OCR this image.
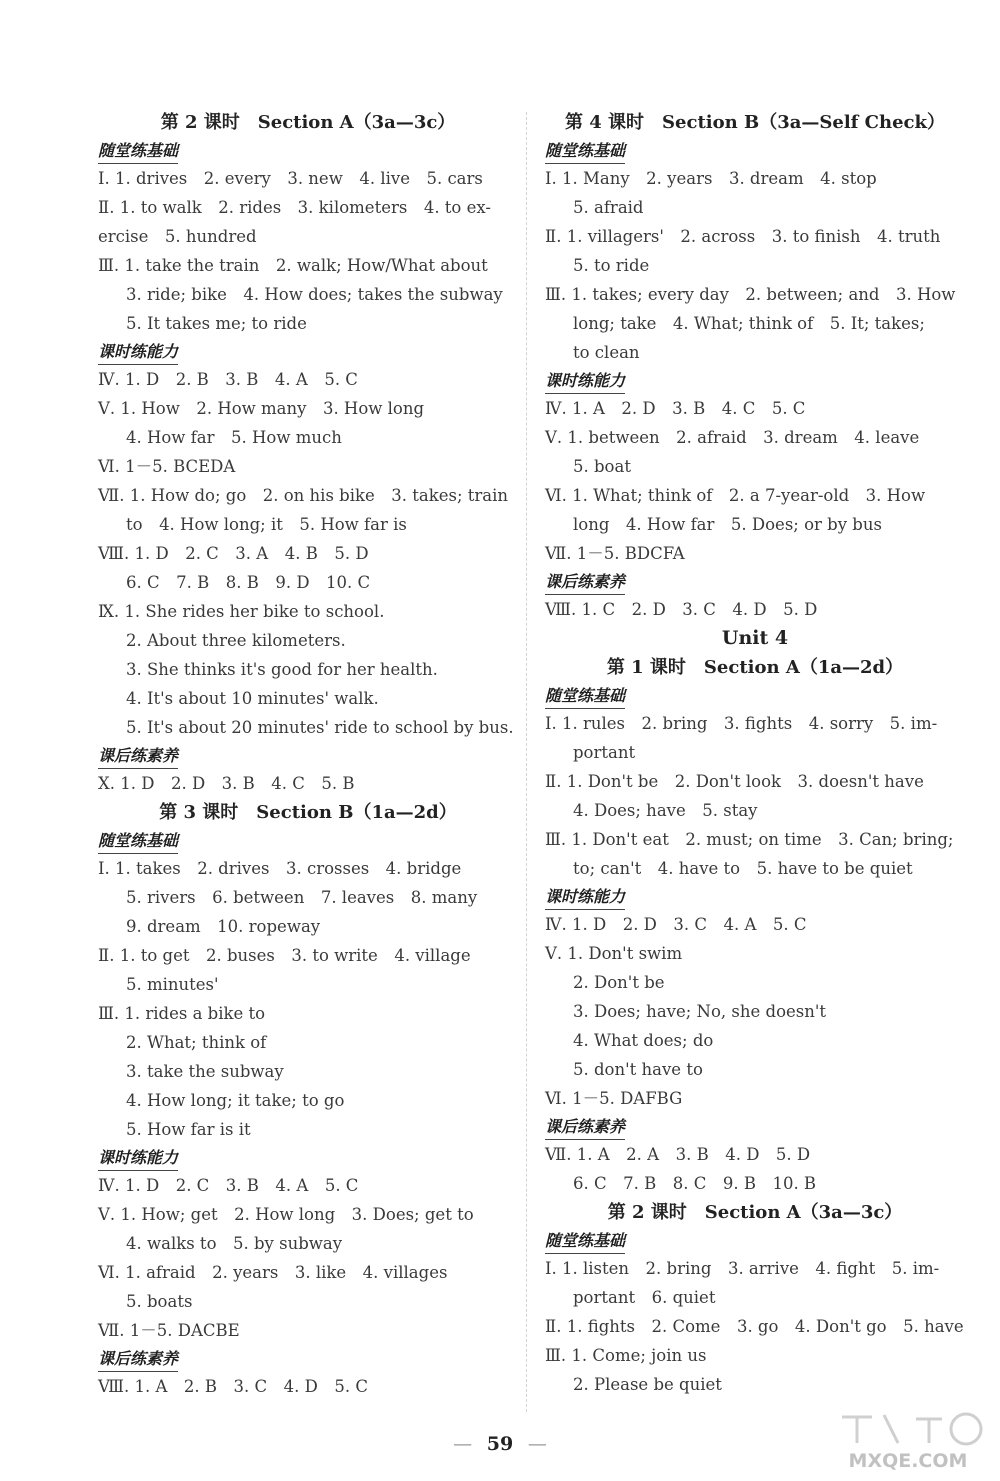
第 2 课时　Section A（3a—3c）
随堂练基础
Ⅰ. 1. drives　2. every　3. new　4. live　5. cars
Ⅱ. 1. to walk　2. rides　3. kilometers　4. to ex-
ercise　5. hundred
Ⅲ. 1. take the train　2. walk; How/What about
3. ride; bike　4. How does; takes the subway
5. It takes me; to ride
课时练能力
Ⅳ. 1. D　2. B　3. B　4. A　5. C
Ⅴ. 1. How　2. How many　3. How long
4. How far　5. How much
Ⅵ. 1－5. BCEDA
Ⅶ. 1. How do; go　2. on his bike　3. takes; train
to　4. How long; it　5. How far is
Ⅷ. 1. D　2. C　3. A　4. B　5. D
6. C　7. B　8. B　9. D　10. C
Ⅸ. 1. She rides her bike to school.
2. About three kilometers.
3. She thinks it's good for her health.
4. It's about 10 minutes' walk.
5. It's about 20 minutes' ride to school by bus.
课后练素养
Ⅹ. 1. D　2. D　3. B　4. C　5. B
第 3 课时　Section B（1a—2d）
随堂练基础
Ⅰ. 1. takes　2. drives　3. crosses　4. bridge
5. rivers　6. between　7. leaves　8. many
9. dream　10. ropeway
Ⅱ. 1. to get　2. buses　3. to write　4. village
5. minutes'
Ⅲ. 1. rides a bike to
2. What; think of
3. take the subway
4. How long; it take; to go
5. How far is it
课时练能力
Ⅳ. 1. D　2. C　3. B　4. A　5. C
Ⅴ. 1. How; get　2. How long　3. Does; get to
4. walks to　5. by subway
Ⅵ. 1. afraid　2. years　3. like　4. villages
5. boats
Ⅶ. 1－5. DACBE
课后练素养
Ⅷ. 1. A　2. B　3. C　4. D　5. C
第 4 课时　Section B（3a—Self Check）
随堂练基础
Ⅰ. 1. Many　2. years　3. dream　4. stop
5. afraid
Ⅱ. 1. villagers'　2. across　3. to finish　4. truth
5. to ride
Ⅲ. 1. takes; every day　2. between; and　3. How
long; take　4. What; think of　5. It; takes;
to clean
课时练能力
Ⅳ. 1. A　2. D　3. B　4. C　5. C
Ⅴ. 1. between　2. afraid　3. dream　4. leave
5. boat
Ⅵ. 1. What; think of　2. a 7-year-old　3. How
long　4. How far　5. Does; or by bus
Ⅶ. 1－5. BDCFA
课后练素养
Ⅷ. 1. C　2. D　3. C　4. D　5. D
Unit 4
第 1 课时　Section A（1a—2d）
随堂练基础
Ⅰ. 1. rules　2. bring　3. fights　4. sorry　5. im-
portant
Ⅱ. 1. Don't be　2. Don't look　3. doesn't have
4. Does; have　5. stay
Ⅲ. 1. Don't eat　2. must; on time　3. Can; bring;
to; can't　4. have to　5. have to be quiet
课时练能力
Ⅳ. 1. D　2. D　3. C　4. A　5. C
Ⅴ. 1. Don't swim
2. Don't be
3. Does; have; No, she doesn't
4. What does; do
5. don't have to
Ⅵ. 1－5. DAFBG
课后练素养
Ⅶ. 1. A　2. A　3. B　4. D　5. D
6. C　7. B　8. C　9. B　10. B
第 2 课时　Section A（3a—3c）
随堂练基础
Ⅰ. 1. listen　2. bring　3. arrive　4. fight　5. im-
portant　6. quiet
Ⅱ. 1. fights　2. Come　3. go　4. Don't go　5. have
Ⅲ. 1. Come; join us
2. Please be quiet
— 59 —
MXQE.COM
